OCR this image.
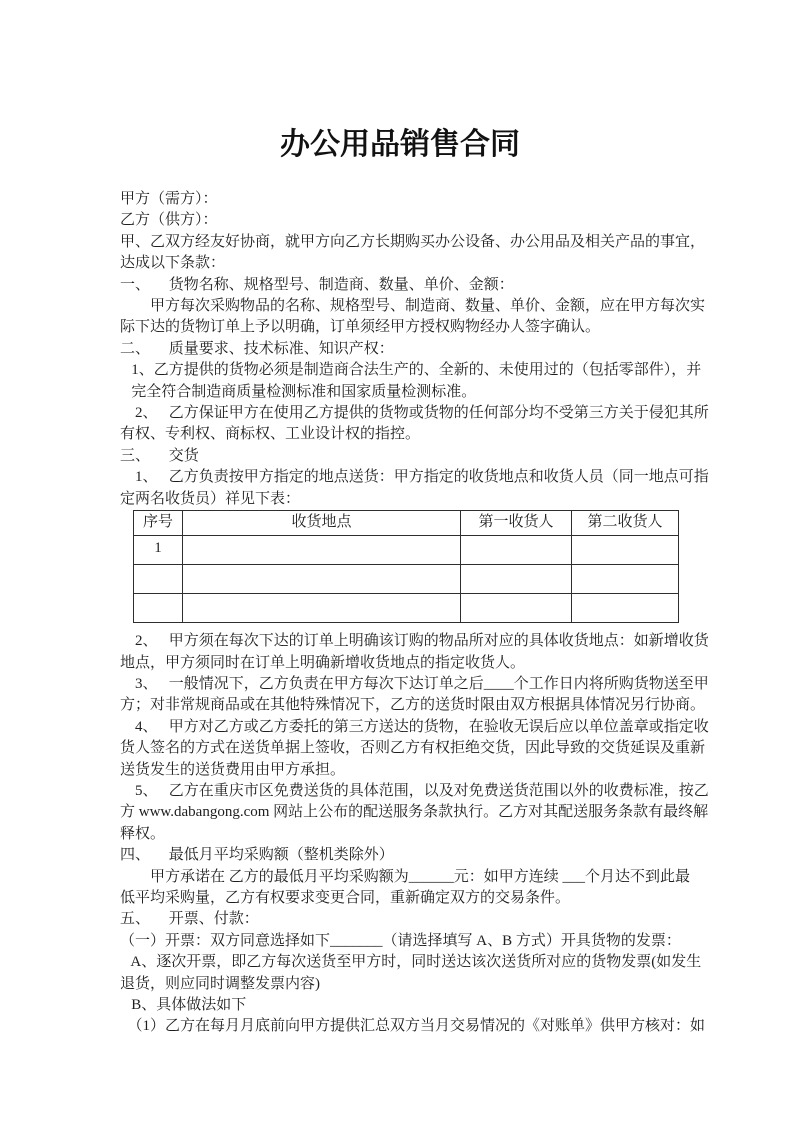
办公用品销售合同

甲方（需方）：

乙方（供方）：

甲、乙双方经友好协商，就甲方向乙方长期购买办公设备、办公用品及相关产品的事宜，

达成以下条款：

一、     货物名称、规格型号、制造商、数量、单价、金额：

　　甲方每次采购物品的名称、规格型号、制造商、数量、单价、金额，应在甲方每次实

际下达的货物订单上予以明确，订单须经甲方授权购物经办人签字确认。

二、     质量要求、技术标准、知识产权：

1、乙方提供的货物必须是制造商合法生产的、全新的、未使用过的（包括零部件），并

完全符合制造商质量检测标准和国家质量检测标准。

2、   乙方保证甲方在使用乙方提供的货物或货物的任何部分均不受第三方关于侵犯其所

有权、专利权、商标权、工业设计权的指控。

三、     交货

1、   乙方负责按甲方指定的地点送货：甲方指定的收货地点和收货人员（同一地点可指

定两名收货员）祥见下表：

序号	收货地点	第一收货人	第二收货人
1			

2、   甲方须在每次下达的订单上明确该订购的物品所对应的具体收货地点：如新增收货

地点，甲方须同时在订单上明确新增收货地点的指定收货人。

3、   一般情况下，乙方负责在甲方每次下达订单之后____个工作日内将所购货物送至甲

方；对非常规商品或在其他特殊情况下，乙方的送货时限由双方根据具体情况另行协商。

4、   甲方对乙方或乙方委托的第三方送达的货物，在验收无误后应以单位盖章或指定收

货人签名的方式在送货单据上签收，否则乙方有权拒绝交货，因此导致的交货延误及重新

送货发生的送货费用由甲方承担。

5、   乙方在重庆市区免费送货的具体范围，以及对免费送货范围以外的收费标准，按乙

方 www.dabangong.com 网站上公布的配送服务条款执行。乙方对其配送服务条款有最终解

释权。

四、     最低月平均采购额（整机类除外）

　　甲方承诺在 乙方的最低月平均采购额为______元：如甲方连续 ___个月达不到此最

低平均采购量，乙方有权要求变更合同，重新确定双方的交易条件。

五、     开票、付款：

（一）开票：双方同意选择如下_______（请选择填写 A、B 方式）开具货物的发票：

A、逐次开票，即乙方每次送货至甲方时，同时送达该次送货所对应的货物发票(如发生

退货，则应同时调整发票内容)

B、具体做法如下

（1）乙方在每月月底前向甲方提供汇总双方当月交易情况的《对账单》供甲方核对：如
